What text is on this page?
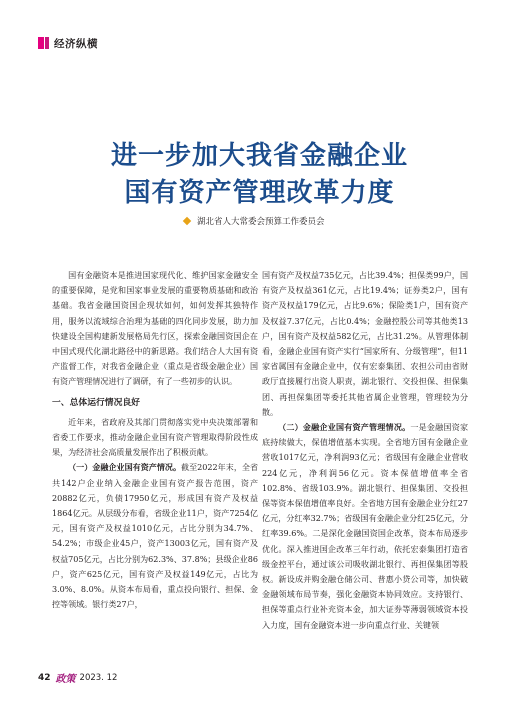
经济纵横
进一步加大我省金融企业
国有资产管理改革力度
湖北省人大常委会预算工作委员会

国有金融资本是推进国家现代化、维护国家金融安全的重要保障，是党和国家事业发展的重要物质基础和政治基础。我省金融国资国企现状如何，如何发挥其独特作用，服务以流域综合治理为基础的四化同步发展，助力加快建设全国构建新发展格局先行区，探索金融国资国企在中国式现代化湖北路径中的新思路。我们结合人大国有资产监督工作，对我省金融企业（重点是省级金融企业）国有资产管理情况进行了调研，有了一些初步的认识。

一、总体运行情况良好

近年来，省政府及其部门贯彻落实党中央决策部署和省委工作要求，推动金融企业国有资产管理取得阶段性成果，为经济社会高质量发展作出了积极贡献。

（一）金融企业国有资产情况。截至2022年末，全省共142户企业纳入金融企业国有资产报告范围，资产20882亿元，负债17950亿元，形成国有资产及权益1864亿元。从层级分布看，省级企业11户，资产7254亿元，国有资产及权益1010亿元，占比分别为34.7%、54.2%；市级企业45户，资产13003亿元，国有资产及权益705亿元，占比分别为62.3%、37.8%；县级企业86户，资产625亿元，国有资产及权益149亿元，占比为3.0%、8.0%。从资本布局看，重点投向银行、担保、金控等领域。银行类27户，

国有资产及权益735亿元，占比39.4%；担保类99户，国有资产及权益361亿元，占比19.4%；证券类2户，国有资产及权益179亿元，占比9.6%；保险类1户，国有资产及权益7.37亿元，占比0.4%；金融控股公司等其他类13户，国有资产及权益582亿元，占比31.2%。从管理体制看，金融企业国有资产实行“国家所有、分级管理”，但11家省属国有金融企业中，仅有宏泰集团、农担公司由省财政厅直接履行出资人职责，湖北银行、交投担保、担保集团、再担保集团等委托其他省属企业管理，管理较为分散。

（二）金融企业国有资产管理情况。一是金融国资家底持续做大，保值增值基本实现。全省地方国有金融企业营收1017亿元，净利润93亿元；省级国有金融企业营收224亿元，净利润56亿元。资本保值增值率全省102.8%、省级103.9%。湖北银行、担保集团、交投担保等资本保值增值率良好。全省地方国有金融企业分红27亿元，分红率32.7%；省级国有金融企业分红25亿元，分红率39.6%。二是深化金融国资国企改革，资本布局逐步优化。深入推进国企改革三年行动，依托宏泰集团打造省级金控平台，通过该公司吸收湖北银行、再担保集团等股权。新设成并购金融仓储公司、普惠小贷公司等，加快破金融领域布局节奏，强化金融资本协同效应。支持银行、担保等重点行业补充资本金，加大证券等薄弱领域资本投入力度，国有金融资本进一步向重点行业、关键领

42 政策 2023. 12
